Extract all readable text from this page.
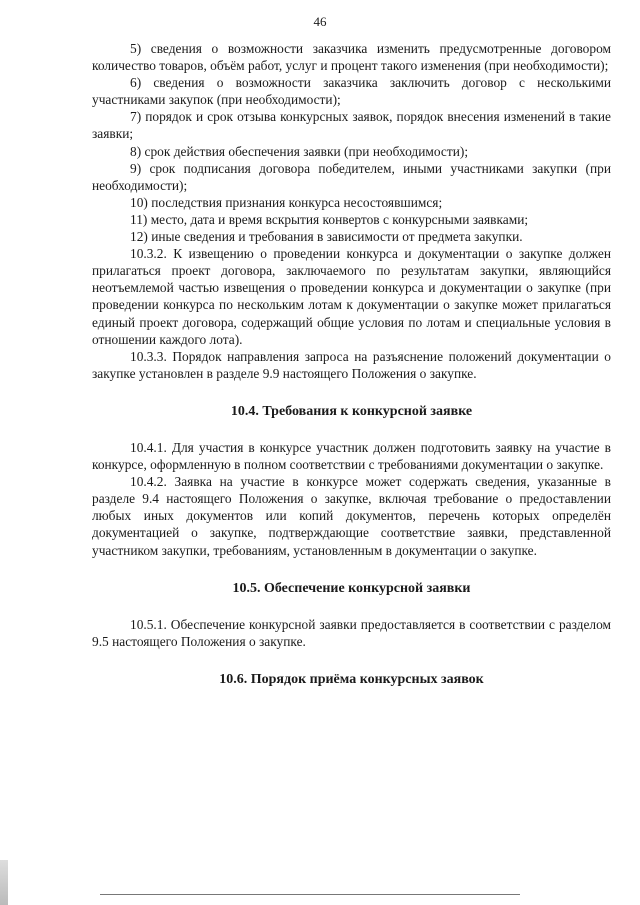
46

5) сведения о возможности заказчика изменить предусмотренные договором количество товаров, объём работ, услуг и процент такого изменения (при необходимости);

6) сведения о возможности заказчика заключить договор с несколькими участниками закупок (при необходимости);

7) порядок и срок отзыва конкурсных заявок, порядок внесения изменений в такие заявки;

8) срок действия обеспечения заявки (при необходимости);

9) срок подписания договора победителем, иными участниками закупки (при необходимости);

10) последствия признания конкурса несостоявшимся;

11) место, дата и время вскрытия конвертов с конкурсными заявками;

12) иные сведения и требования в зависимости от предмета закупки.

10.3.2. К извещению о проведении конкурса и документации о закупке должен прилагаться проект договора, заключаемого по результатам закупки, являющийся неотъемлемой частью извещения о проведении конкурса и документации о закупке (при проведении конкурса по нескольким лотам к документации о закупке может прилагаться единый проект договора, содержащий общие условия по лотам и специальные условия в отношении каждого лота).

10.3.3. Порядок направления запроса на разъяснение положений документации о закупке установлен в разделе 9.9 настоящего Положения о закупке.

10.4. Требования к конкурсной заявке

10.4.1. Для участия в конкурсе участник должен подготовить заявку на участие в конкурсе, оформленную в полном соответствии с требованиями документации о закупке.

10.4.2. Заявка на участие в конкурсе может содержать сведения, указанные в разделе 9.4 настоящего Положения о закупке, включая требование о предоставлении любых иных документов или копий документов, перечень которых определён документацией о закупке, подтверждающие соответствие заявки, представленной участником закупки, требованиям, установленным в документации о закупке.

10.5. Обеспечение конкурсной заявки

10.5.1. Обеспечение конкурсной заявки предоставляется в соответствии с разделом 9.5 настоящего Положения о закупке.

10.6. Порядок приёма конкурсных заявок
